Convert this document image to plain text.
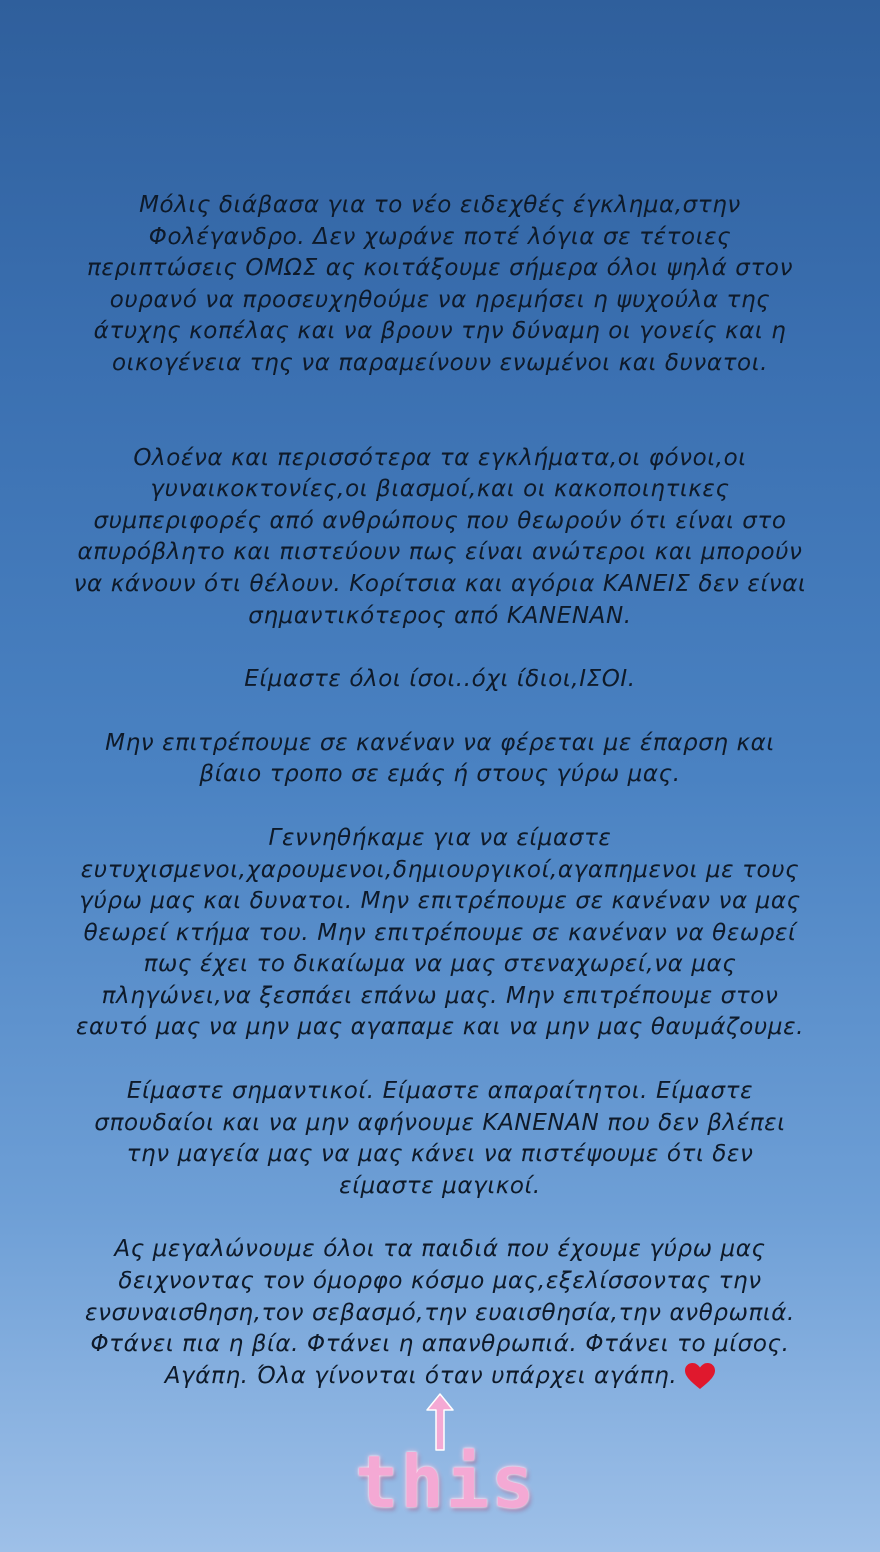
Μόλις διάβασα για το νέο ειδεχθές έγκλημα,στην
Φολέγανδρο. Δεν χωράνε ποτέ λόγια σε τέτοιες
περιπτώσεις ΟΜΩΣ ας κοιτάξουμε σήμερα όλοι ψηλά στον
ουρανό να προσευχηθούμε να ηρεμήσει η ψυχούλα της
άτυχης κοπέλας και να βρουν την δύναμη οι γονείς και η
οικογένεια της να παραμείνουν ενωμένοι και δυνατοι.

Ολοένα και περισσότερα τα εγκλήματα,οι φόνοι,οι
γυναικοκτονίες,οι βιασμοί,και οι κακοποιητικες
συμπεριφορές από ανθρώπους που θεωρούν ότι είναι στο
απυρόβλητο και πιστεύουν πως είναι ανώτεροι και μπορούν
να κάνουν ότι θέλουν. Κορίτσια και αγόρια ΚΑΝΕΙΣ δεν είναι
σημαντικότερος από ΚΑΝΕΝΑΝ.

Είμαστε όλοι ίσοι..όχι ίδιοι,ΙΣΟΙ.

Μην επιτρέπουμε σε κανέναν να φέρεται με έπαρση και
βίαιο τροπο σε εμάς ή στους γύρω μας.

Γεννηθήκαμε για να είμαστε
ευτυχισμενοι,χαρουμενοι,δημιουργικοί,αγαπημενοι με τους
γύρω μας και δυνατοι. Μην επιτρέπουμε σε κανέναν να μας
θεωρεί κτήμα του. Μην επιτρέπουμε σε κανέναν να θεωρεί
πως έχει το δικαίωμα να μας στεναχωρεί,να μας
πληγώνει,να ξεσπάει επάνω μας. Μην επιτρέπουμε στον
εαυτό μας να μην μας αγαπαμε και να μην μας θαυμάζουμε.

Είμαστε σημαντικοί. Είμαστε απαραίτητοι. Είμαστε
σπουδαίοι και να μην αφήνουμε ΚΑΝΕΝΑΝ που δεν βλέπει
την μαγεία μας να μας κάνει να πιστέψουμε ότι δεν
είμαστε μαγικοί.

Ας μεγαλώνουμε όλοι τα παιδιά που έχουμε γύρω μας
δειχνοντας τον όμορφο κόσμο μας,εξελίσσοντας την
ενσυναισθηση,τον σεβασμό,την ευαισθησία,την ανθρωπιά.
Φτάνει πια η βία. Φτάνει η απανθρωπιά. Φτάνει το μίσος.
Αγάπη. Όλα γίνονται όταν υπάρχει αγάπη.
this
